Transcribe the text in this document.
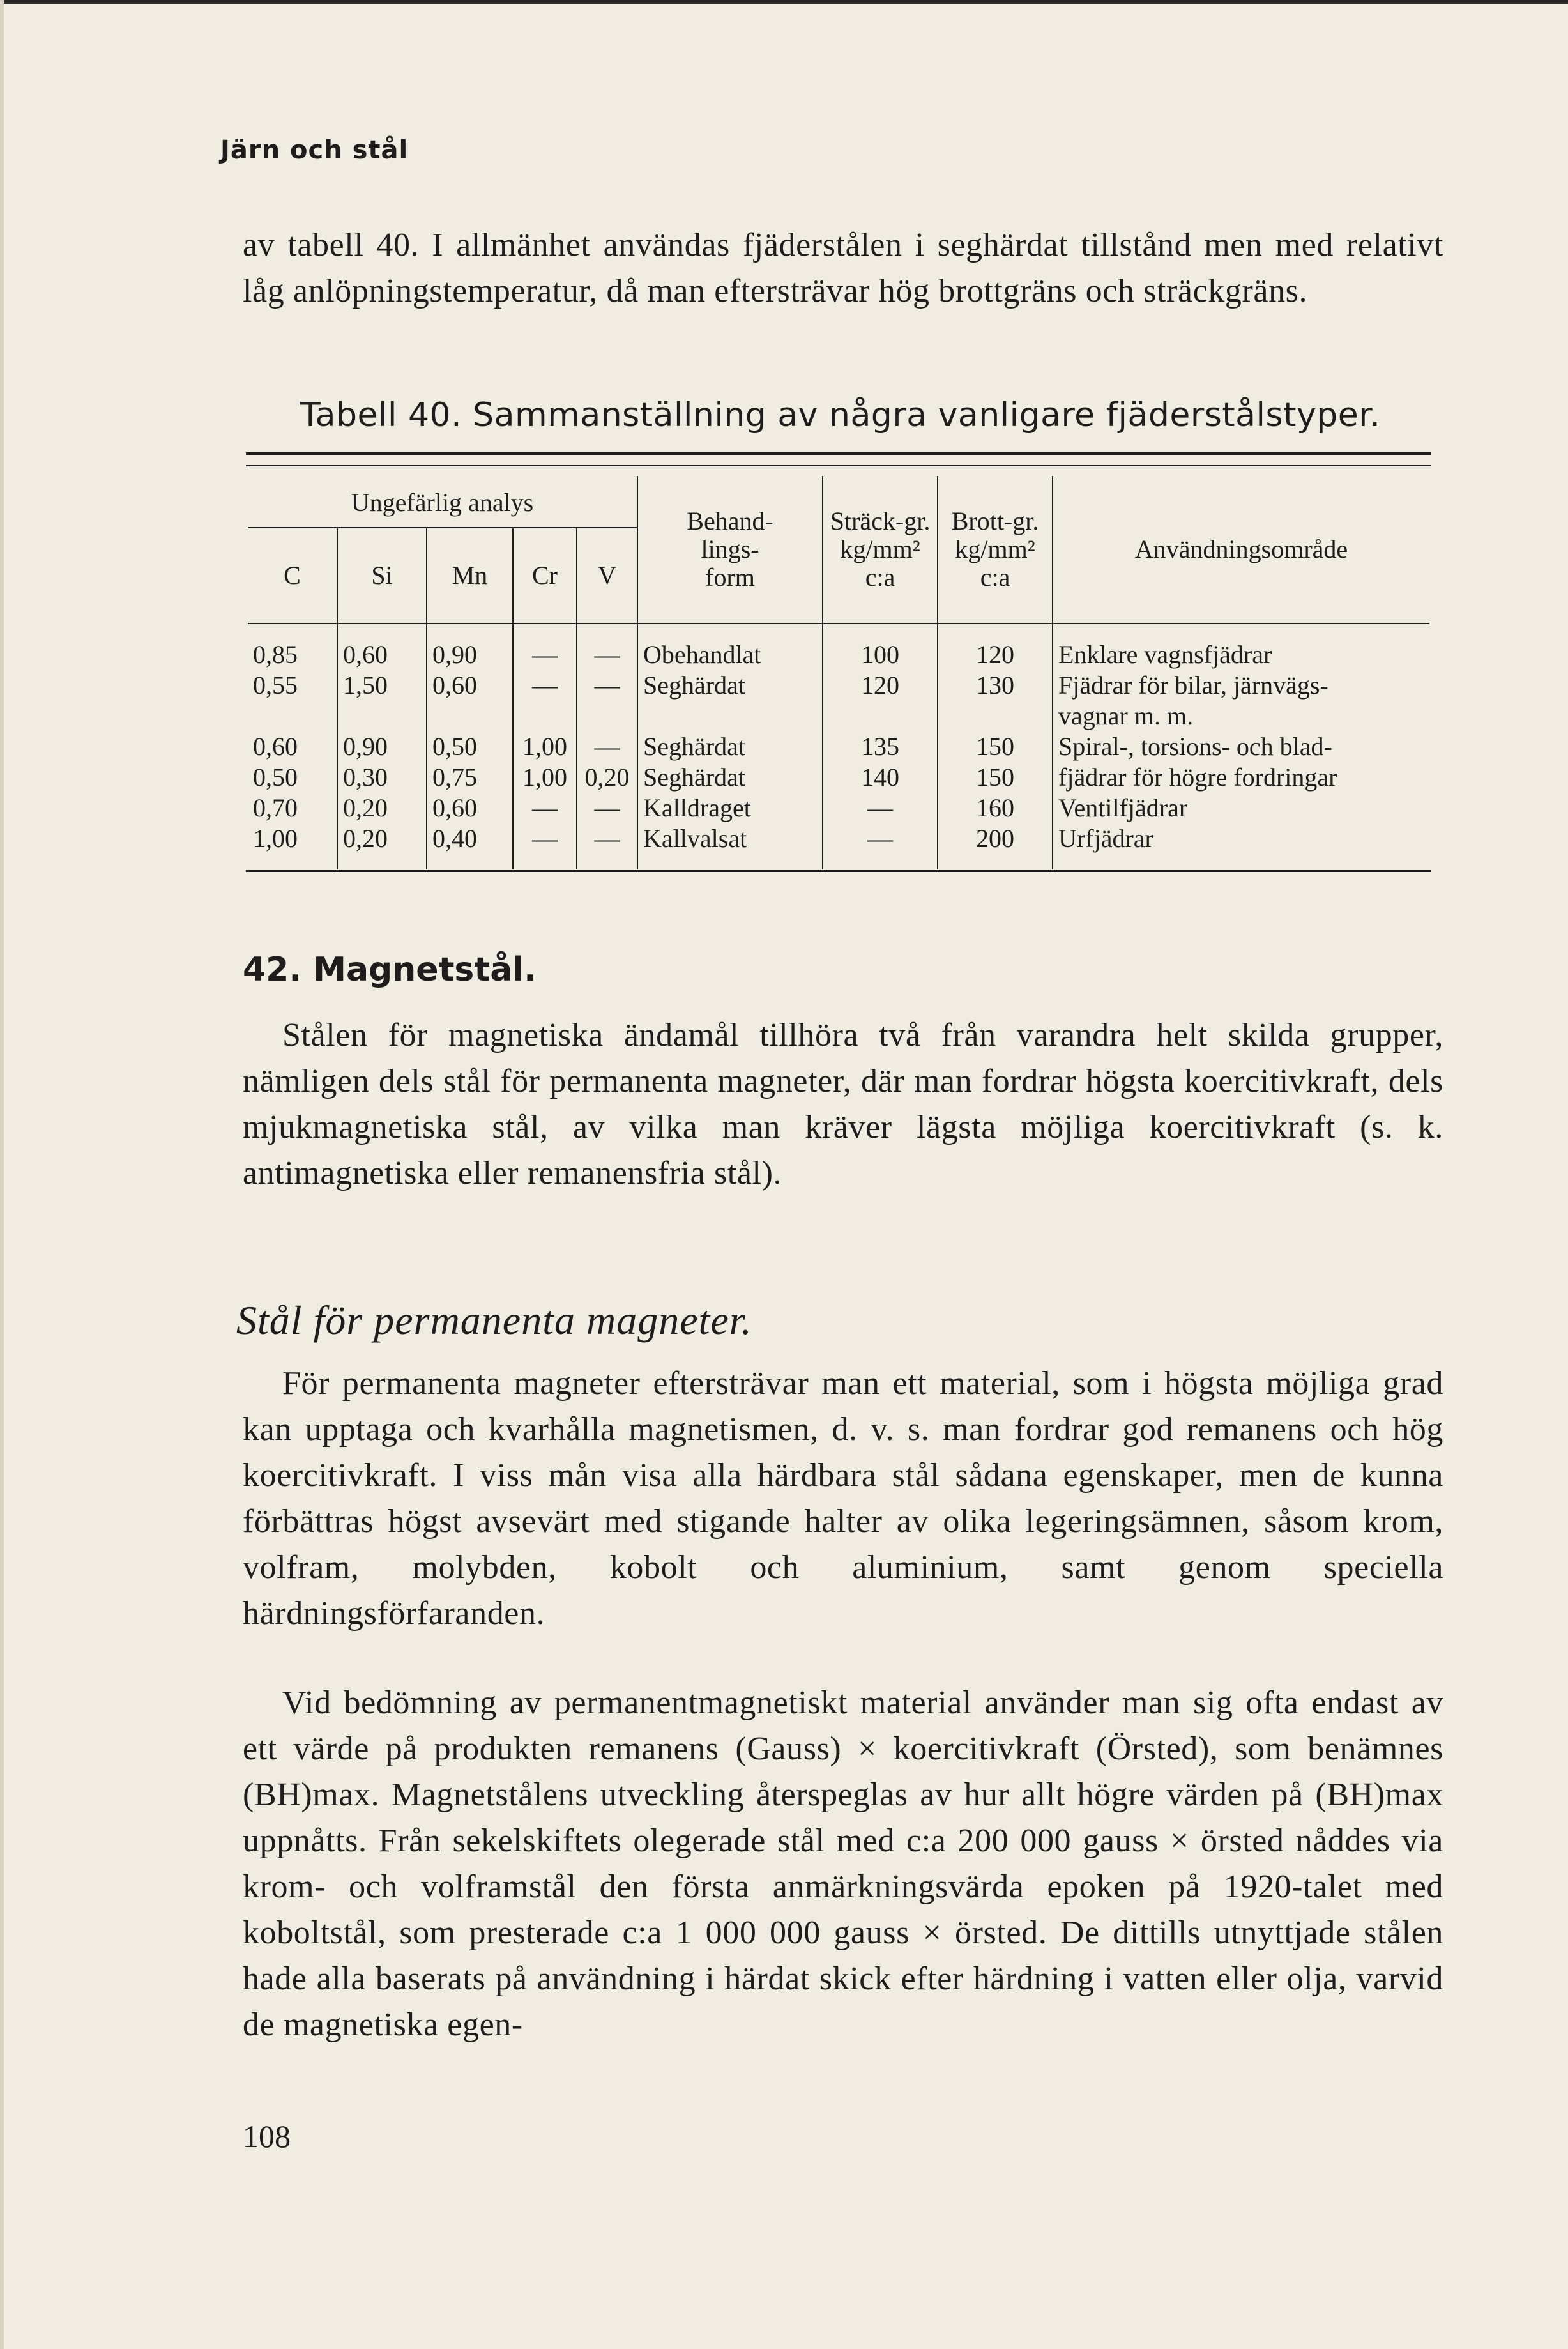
Järn och stål

av tabell 40. I allmänhet användas fjäderstålen i seghärdat tillstånd men med relativt låg anlöpningstemperatur, då man eftersträvar hög brottgräns och sträckgräns.

Tabell 40. Sammanställning av några vanligare fjäderstålstyper.
Ungefärlig analys					Behand-lings-form	Sträck-gr. kg/mm² c:a	Brott-gr. kg/mm² c:a	Användningsområde
C	Si	Mn	Cr	V				
0,85	0,60	0,90	—	—	Obehandlat	100	120	Enklare vagnsfjädrar
0,55	1,50	0,60	—	—	Seghärdat	120	130	Fjädrar för bilar, järnvägs-
vagnar m. m.

0,60	0,90	0,50	1,00	—	Seghärdat	135	150	Spiral-, torsions- och blad-
0,50	0,30	0,75	1,00	0,20	Seghärdat	140	150	fjädrar för högre fordringar
0,70	0,20	0,60	—	—	Kalldraget	—	160	Ventilfjädrar
1,00	0,20	0,40	—	—	Kallvalsat	—	200	Urfjädrar
42. Magnetstål.

Stålen för magnetiska ändamål tillhöra två från varandra helt skilda grupper, nämligen dels stål för permanenta magneter, där man fordrar högsta koercitivkraft, dels mjukmagnetiska stål, av vilka man kräver lägsta möjliga koercitivkraft (s. k. antimagnetiska eller remanensfria stål).

Stål för permanenta magneter.

För permanenta magneter eftersträvar man ett material, som i högsta möjliga grad kan upptaga och kvarhålla magnetismen, d. v. s. man fordrar god remanens och hög koercitivkraft. I viss mån visa alla härdbara stål sådana egenskaper, men de kunna förbättras högst avsevärt med stigande halter av olika legeringsämnen, såsom krom, volfram, molybden, kobolt och aluminium, samt genom speciella härdningsförfaranden.

Vid bedömning av permanentmagnetiskt material använder man sig ofta endast av ett värde på produkten remanens (Gauss) × koercitivkraft (Örsted), som benämnes (BH)max. Magnetstålens utveckling återspeglas av hur allt högre värden på (BH)max uppnåtts. Från sekelskiftets olegerade stål med c:a 200 000 gauss × örsted nåddes via krom- och volframstål den första anmärkningsvärda epoken på 1920-talet med koboltstål, som presterade c:a 1 000 000 gauss × örsted. De dittills utnyttjade stålen hade alla baserats på användning i härdat skick efter härdning i vatten eller olja, varvid de magnetiska egen-

108
